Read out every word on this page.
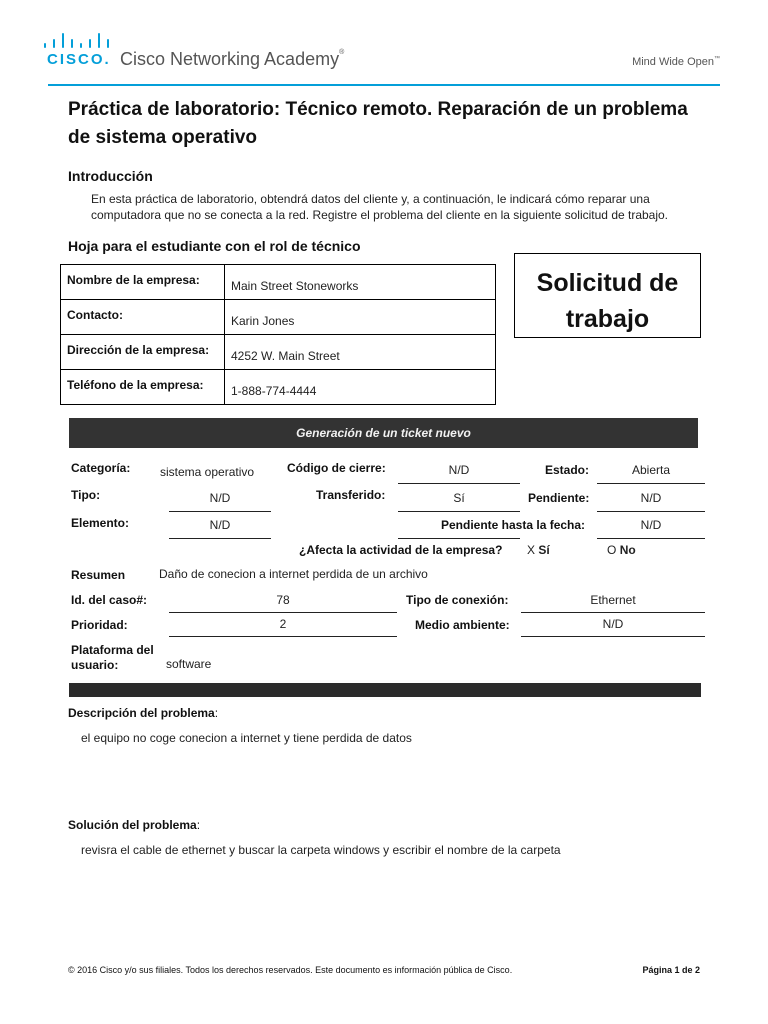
CISCO. Cisco Networking Academy®
Mind Wide Open™
Práctica de laboratorio: Técnico remoto. Reparación de un problema de sistema operativo
Introducción
En esta práctica de laboratorio, obtendrá datos del cliente y, a continuación, le indicará cómo reparar una computadora que no se conecta a la red. Registre el problema del cliente en la siguiente solicitud de trabajo.
Hoja para el estudiante con el rol de técnico
Nombre de la empresa:	Main Street Stoneworks
Contacto:	Karin Jones
Dirección de la empresa:	4252 W. Main Street
Teléfono de la empresa:	1-888-774-4444
Solicitud de trabajo
Generación de un ticket nuevo
Categoría: sistema operativo	Código de cierre:	N/D	Estado:	Abierta
Tipo:	N/D	Transferido:	Sí	Pendiente:	N/D
Elemento:	N/D	Pendiente hasta la fecha:	N/D
¿Afecta la actividad de la empresa? X Sí	O No
Resumen	Daño de conecion a internet perdida de un archivo
Id. del caso#:	78	Tipo de conexión:	Ethernet
Prioridad:	2	Medio ambiente:	N/D
Plataforma del
usuario:	software
Descripción del problema:
el equipo no coge conecion a internet y tiene perdida de datos
Solución del problema:
revisra el cable de ethernet y buscar la carpeta windows y escribir el nombre de la carpeta
© 2016 Cisco y/o sus filiales. Todos los derechos reservados. Este documento es información pública de Cisco.	Página 1 de 2
